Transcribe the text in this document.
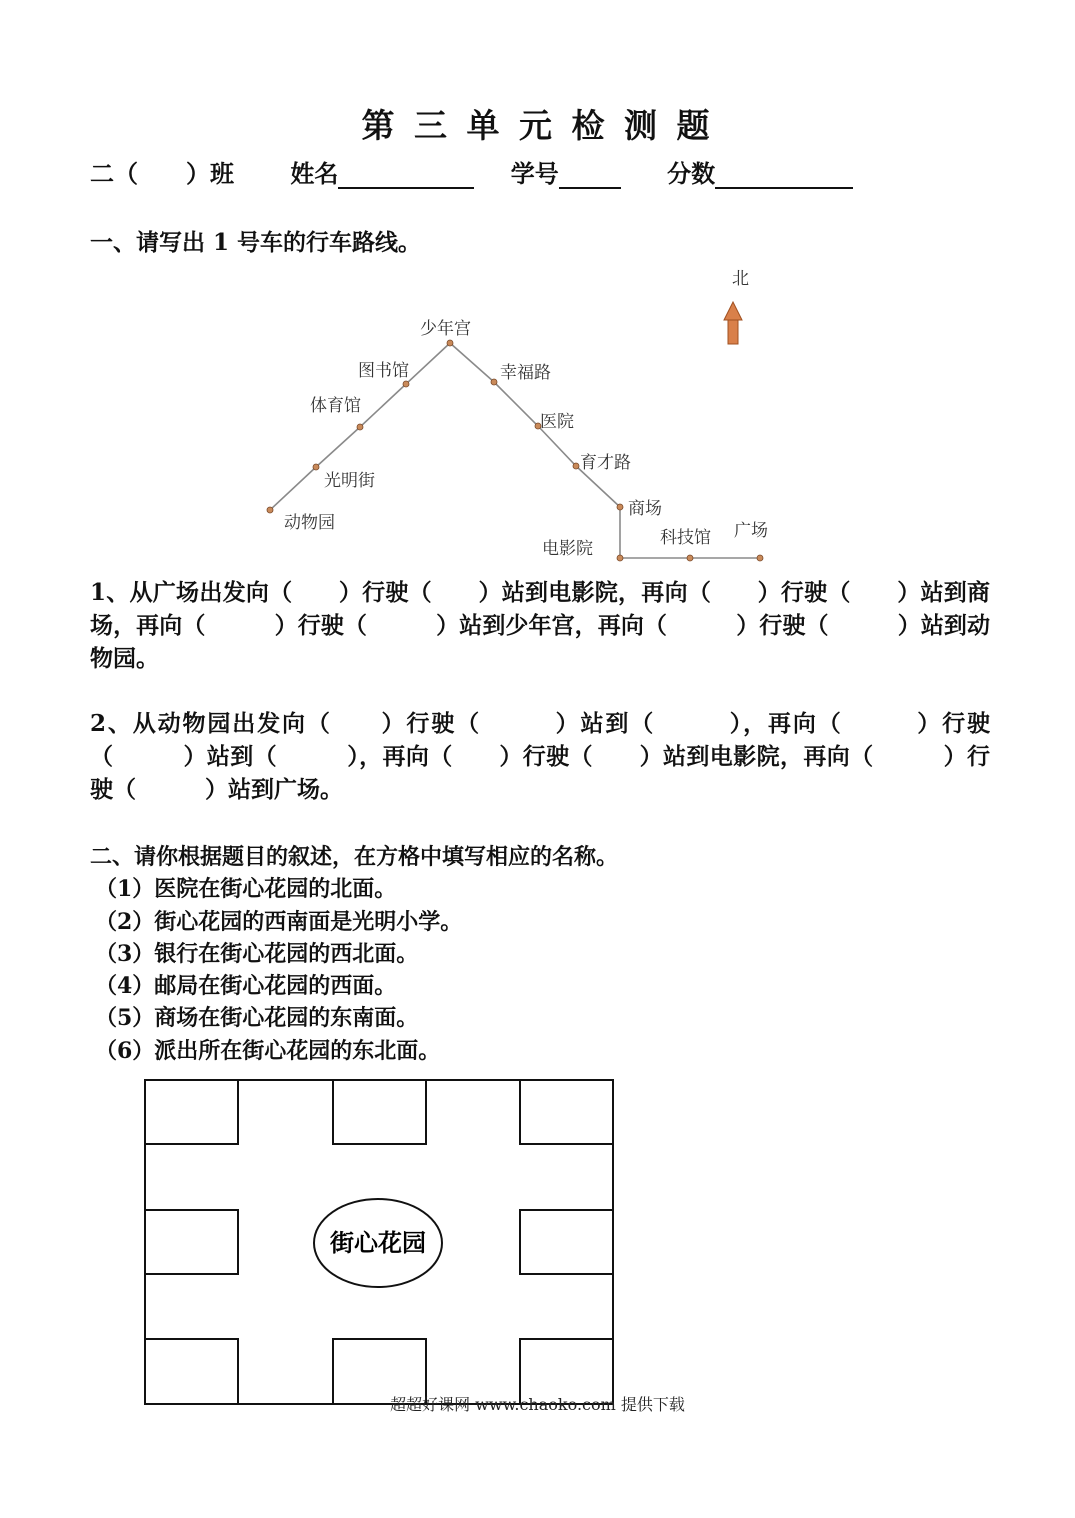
第 三 单 元 检 测 题
二（　　）班 姓名	学号	分数
一、请写出 1 号车的行车路线。
北
少年宫
图书馆
体育馆
光明街
动物园
幸福路
医院
育才路
商场
电影院
科技馆 广场
1、从广场出发向（　　）行驶（　　）站到电影院，再向（　　）行驶（　　）站到商场，再向（　　　）行驶（　　　）站到少年宫，再向（　　　）行驶（　　　）站到动物园。
2、从动物园出发向（　　）行驶（　　　）站到（　　　），再向（　　　）行驶（　　　）站到（　　　），再向（　　）行驶（　　）站到电影院，再向（　　　）行驶（　　　）站到广场。
二、请你根据题目的叙述，在方格中填写相应的名称。
（1）医院在街心花园的北面。
（2）街心花园的西南面是光明小学。
（3）银行在街心花园的西北面。
（4）邮局在街心花园的西面。
（5）商场在街心花园的东南面。
（6）派出所在街心花园的东北面。
街心花园
超超好课网 www.chaoko.com 提供下载
